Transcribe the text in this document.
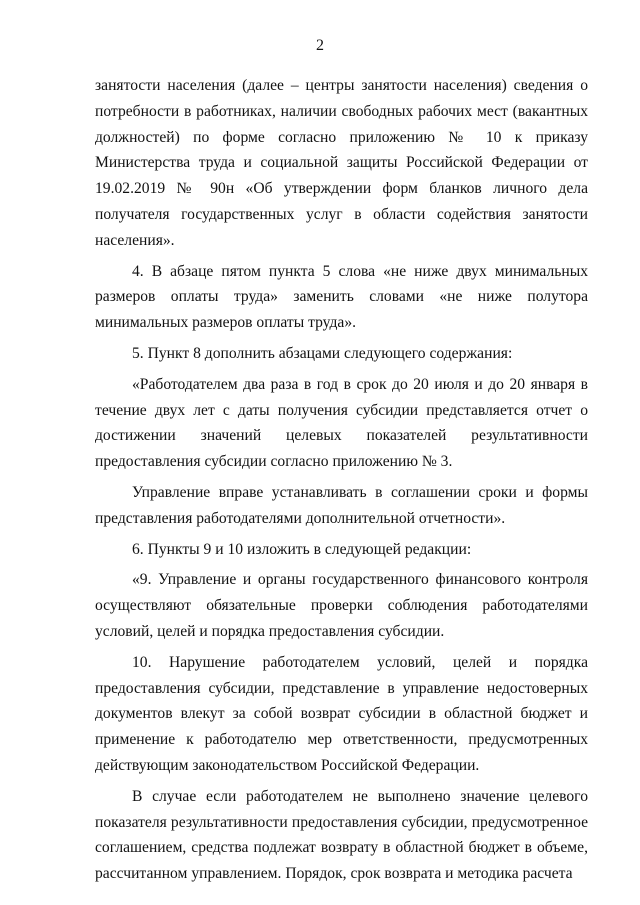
2

занятости населения (далее – центры занятости населения) сведения о потребности в работниках, наличии свободных рабочих мест (вакантных должностей) по форме согласно приложению № 10 к приказу Министерства труда и социальной защиты Российской Федерации от 19.02.2019 № 90н «Об утверждении форм бланков личного дела получателя государственных услуг в области содействия занятости населения».

4. В абзаце пятом пункта 5 слова «не ниже двух минимальных размеров оплаты труда» заменить словами «не ниже полутора минимальных размеров оплаты труда».

5. Пункт 8 дополнить абзацами следующего содержания:

«Работодателем два раза в год в срок до 20 июля и до 20 января в течение двух лет с даты получения субсидии представляется отчет о достижении значений целевых показателей результативности предоставления субсидии согласно приложению № 3.

Управление вправе устанавливать в соглашении сроки и формы представления работодателями дополнительной отчетности».

6. Пункты 9 и 10 изложить в следующей редакции:

«9. Управление и органы государственного финансового контроля осуществляют обязательные проверки соблюдения работодателями условий, целей и порядка предоставления субсидии.

10. Нарушение работодателем условий, целей и порядка предоставления субсидии, представление в управление недостоверных документов влекут за собой возврат субсидии в областной бюджет и применение к работодателю мер ответственности, предусмотренных действующим законодательством Российской Федерации.

В случае если работодателем не выполнено значение целевого показателя результативности предоставления субсидии, предусмотренное соглашением, средства подлежат возврату в областной бюджет в объеме, рассчитанном управлением. Порядок, срок возврата и методика расчета
